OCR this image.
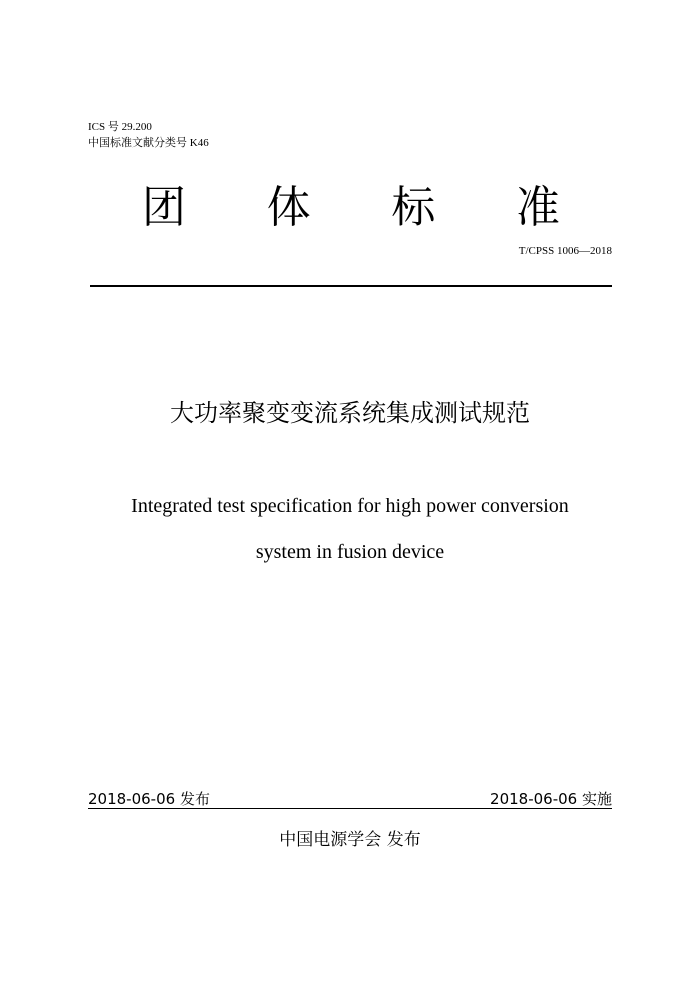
ICS 号 29.200
中国标准文献分类号 K46
团 体 标 准
T/CPSS 1006—2018
大功率聚变变流系统集成测试规范
Integrated test specification for high power conversion
system in fusion device
2018-06-06 发布	2018-06-06 实施
中国电源学会 发布
